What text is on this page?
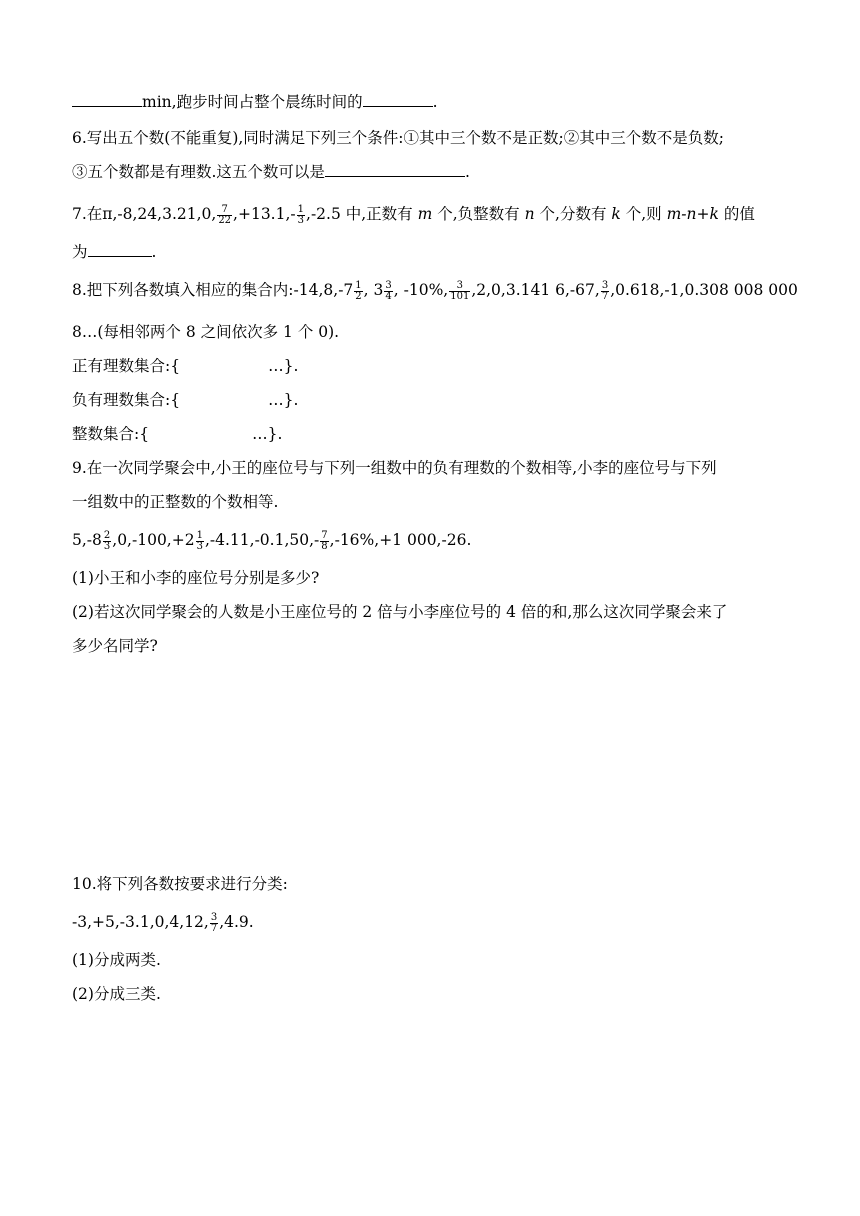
min,跑步时间占整个晨练时间的	.
6.写出五个数(不能重复),同时满足下列三个条件:①其中三个数不是正数;②其中三个数不是负数;
③五个数都是有理数.这五个数可以是	.
7.在π,-8,24,3.21,0, $\frac{7}{22} ,+13.1,- \frac{1}{3} ,-2.5$ 中,正数有 m 个,负整数有 n 个,分数有 k 个,则 m-n+k 的值
为	.
8.把下列各数填入相应的集合内:-14,8,-7 $\frac{1}{2}$ , $3 \frac{3}{4}$ , -10%, $\frac{3}{101} ,2,0,3.141$ 6,-67, $\frac{3}{7} ,0.618,-1,0.308$ 008 000
8…(每相邻两个 8 之间依次多 1 个 0).
正有理数集合:{	…}.
负有理数集合:{	…}.
整数集合:{	…}.
9.在一次同学聚会中,小王的座位号与下列一组数中的负有理数的个数相等,小李的座位号与下列
一组数中的正整数的个数相等.
$5,-8 \frac{2}{3} ,0,-100,+2 \frac{1}{3} ,-4.11,-0.1,50,- \frac{7}{8} ,-16\%,+1$ 000,-26.
(1)小王和小李的座位号分别是多少?
(2)若这次同学聚会的人数是小王座位号的 2 倍与小李座位号的 4 倍的和,那么这次同学聚会来了
多少名同学?
10.将下列各数按要求进行分类:
-3,+5,-3.1,0,4,12, $\frac{3}{7} ,4.9$.
(1)分成两类.
(2)分成三类.
